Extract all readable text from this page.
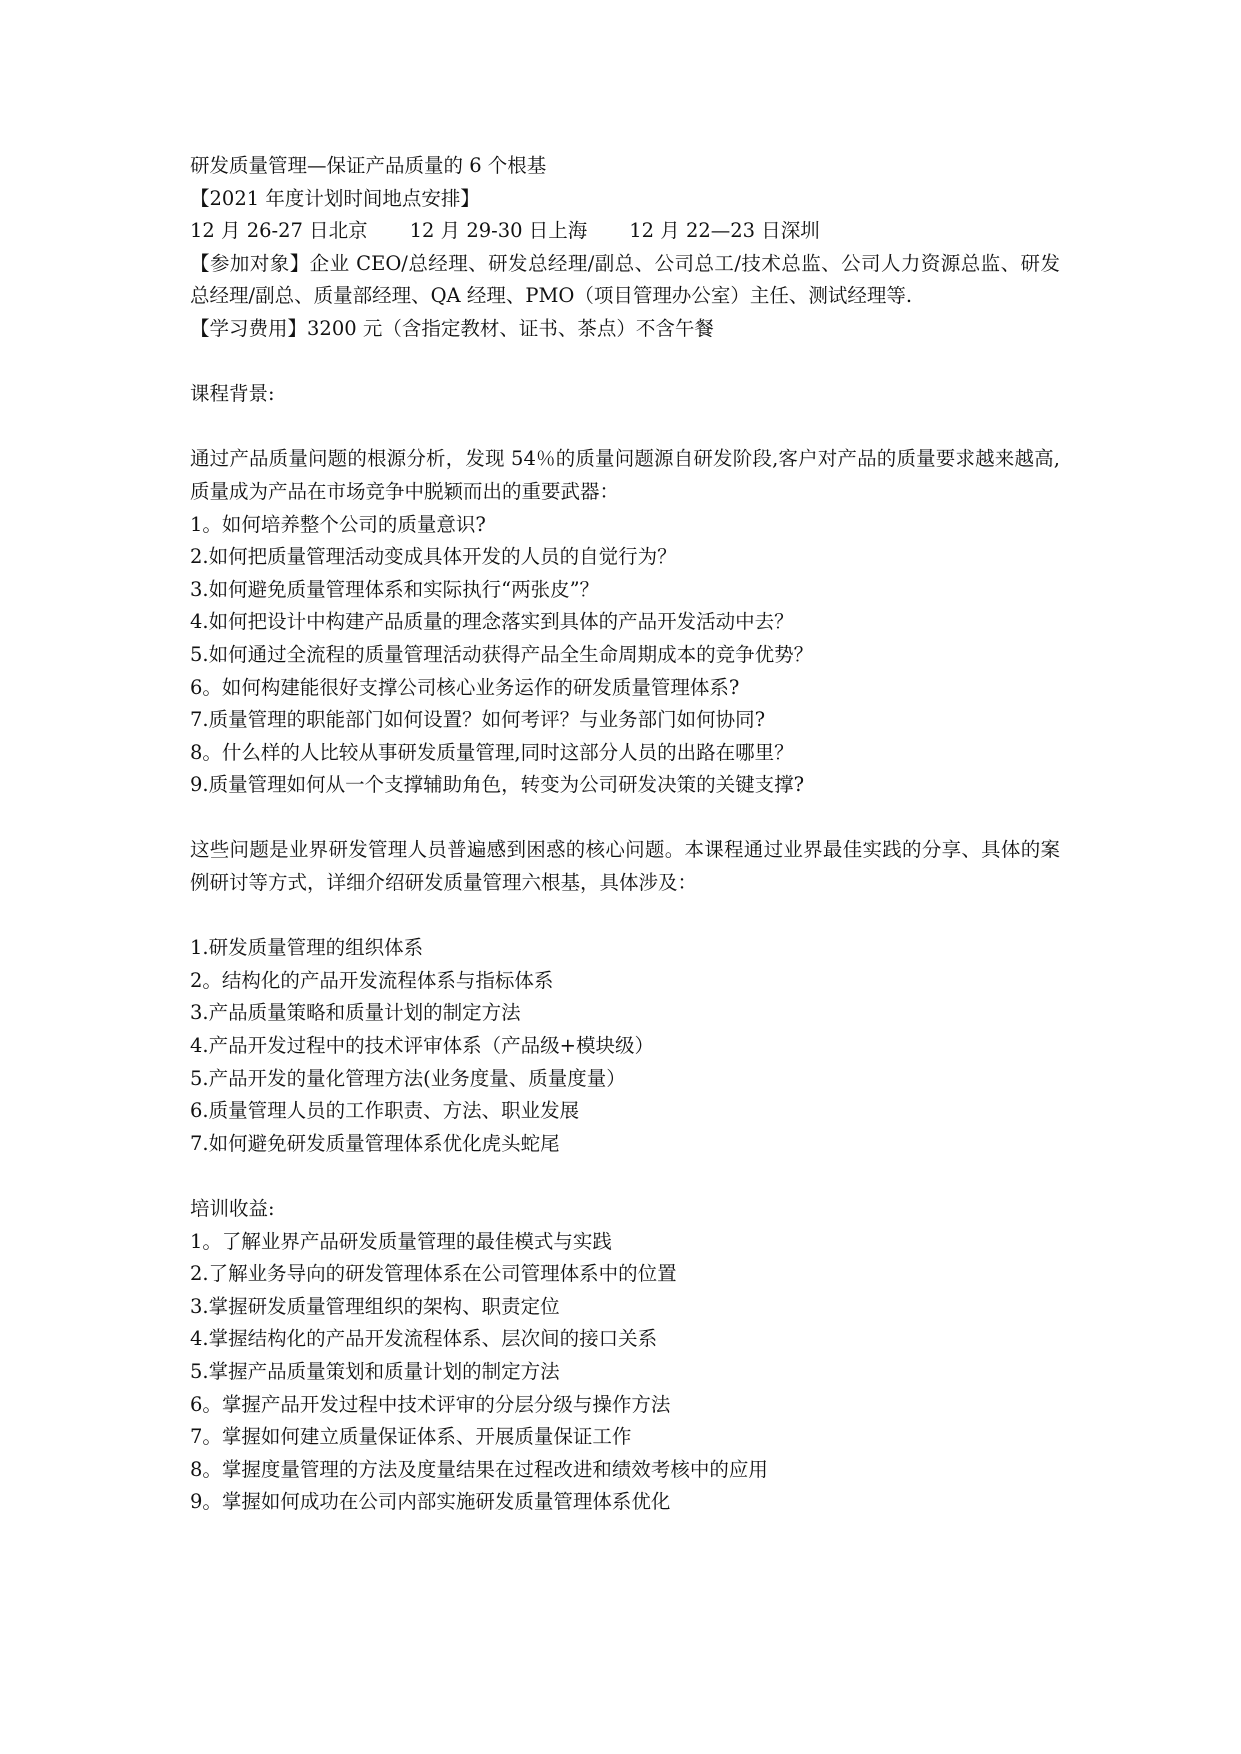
研发质量管理—保证产品质量的 6 个根基

【2021 年度计划时间地点安排】

12 月 26-27 日北京 12 月 29-30 日上海 12 月 22—23 日深圳

【参加对象】企业 CEO/总经理、研发总经理/副总、公司总工/技术总监、公司人力资源总监、研发总经理/副总、质量部经理、QA 经理、PMO（项目管理办公室）主任、测试经理等.

【学习费用】3200 元（含指定教材、证书、茶点）不含午餐

课程背景:

通过产品质量问题的根源分析，发现 54％的质量问题源自研发阶段,客户对产品的质量要求越来越高,质量成为产品在市场竞争中脱颖而出的重要武器：

1。如何培养整个公司的质量意识?

2.如何把质量管理活动变成具体开发的人员的自觉行为？

3.如何避免质量管理体系和实际执行“两张皮”？

4.如何把设计中构建产品质量的理念落实到具体的产品开发活动中去？

5.如何通过全流程的质量管理活动获得产品全生命周期成本的竞争优势？

6。如何构建能很好支撑公司核心业务运作的研发质量管理体系?

7.质量管理的职能部门如何设置？如何考评？与业务部门如何协同?

8。什么样的人比较从事研发质量管理,同时这部分人员的出路在哪里？

9.质量管理如何从一个支撑辅助角色，转变为公司研发决策的关键支撑?

这些问题是业界研发管理人员普遍感到困惑的核心问题。本课程通过业界最佳实践的分享、具体的案例研讨等方式，详细介绍研发质量管理六根基，具体涉及：

1.研发质量管理的组织体系

2。结构化的产品开发流程体系与指标体系

3.产品质量策略和质量计划的制定方法

4.产品开发过程中的技术评审体系（产品级+模块级）

5.产品开发的量化管理方法(业务度量、质量度量）

6.质量管理人员的工作职责、方法、职业发展

7.如何避免研发质量管理体系优化虎头蛇尾

培训收益:

1。了解业界产品研发质量管理的最佳模式与实践

2.了解业务导向的研发管理体系在公司管理体系中的位置

3.掌握研发质量管理组织的架构、职责定位

4.掌握结构化的产品开发流程体系、层次间的接口关系

5.掌握产品质量策划和质量计划的制定方法

6。掌握产品开发过程中技术评审的分层分级与操作方法

7。掌握如何建立质量保证体系、开展质量保证工作

8。掌握度量管理的方法及度量结果在过程改进和绩效考核中的应用

9。掌握如何成功在公司内部实施研发质量管理体系优化
